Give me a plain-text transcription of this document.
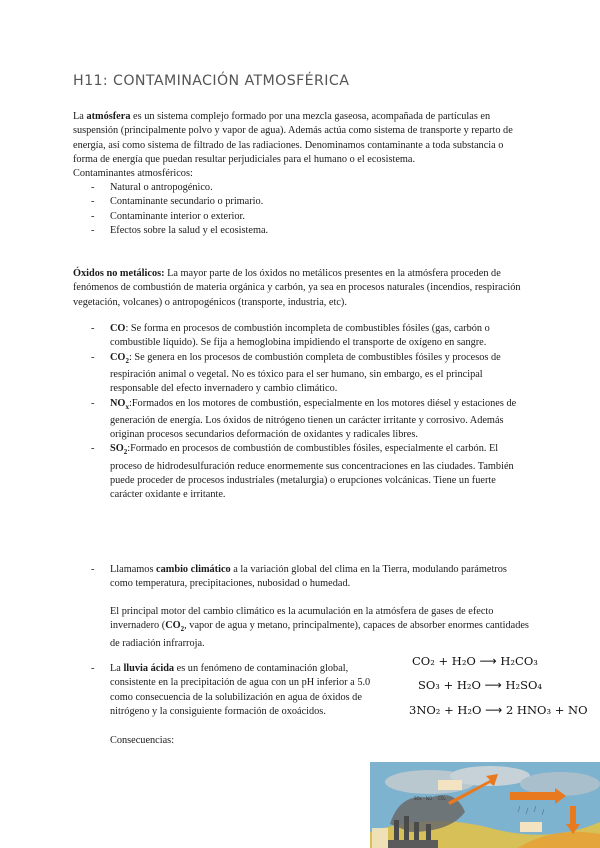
H11: CONTAMINACIÓN ATMOSFÉRICA

La atmósfera es un sistema complejo formado por una mezcla gaseosa, acompañada de partículas en suspensión (principalmente polvo y vapor de agua). Además actúa como sistema de transporte y reparto de energía, así como sistema de filtrado de las radiaciones. Denominamos contaminante a toda substancia o forma de energía que puedan resultar perjudiciales para el humano o el ecosistema.

Contaminantes atmosféricos:

- Natural o antropogénico.
- Contaminante secundario o primario.
- Contaminante interior o exterior.
- Efectos sobre la salud y el ecosistema.

Óxidos no metálicos: La mayor parte de los óxidos no metálicos presentes en la atmósfera proceden de fenómenos de combustión de materia orgánica y carbón, ya sea en procesos naturales (incendios, respiración vegetación, volcanes) o antropogénicos (transporte, industria, etc).

- CO: Se forma en procesos de combustión incompleta de combustibles fósiles (gas, carbón o combustible líquido). Se fija a hemoglobina impidiendo el transporte de oxígeno en sangre.
- $CO_2$: Se genera en los procesos de combustión completa de combustibles fósiles y procesos de respiración animal o vegetal. No es tóxico para el ser humano, sin embargo, es el principal responsable del efecto invernadero y cambio climático.
- $NO_x:Formados$ en los motores de combustión, especialmente en los motores diésel y estaciones de generación de energía. Los óxidos de nitrógeno tienen un carácter irritante y corrosivo. Además originan procesos secundarios deformación de oxidantes y radicales libres.
- $SO_2:Formado$ en procesos de combustión de combustibles fósiles, especialmente el carbón. El proceso de hidrodesulfuración reduce enormemente sus concentraciones en las ciudades. También puede proceder de procesos industriales (metalurgia) o erupciones volcánicas. Tiene un fuerte carácter oxidante e irritante.
- Llamamos cambio climático a la variación global del clima en la Tierra, modulando parámetros como temperatura, precipitaciones, nubosidad o humedad.

El principal motor del cambio climático es la acumulación en la atmósfera de gases de efecto invernadero ($CO_2$, vapor de agua y metano, principalmente), capaces de absorber enormes cantidades de radiación infrarroja.

- La lluvia ácida es un fenómeno de contaminación global, consistente en la precipitación de agua con un pH inferior a 5.0 como consecuencia de la solubilización en agua de óxidos de nitrógeno y la consiguiente formación de oxoácidos.

Consecuencias:

CO₂ + H₂O ⟶ H₂CO₃
SO₃ + H₂O ⟶ H₂SO₄
3NO₂ + H₂O ⟶ 2 HNO₃ + NO
SO₂ NO CO₂
